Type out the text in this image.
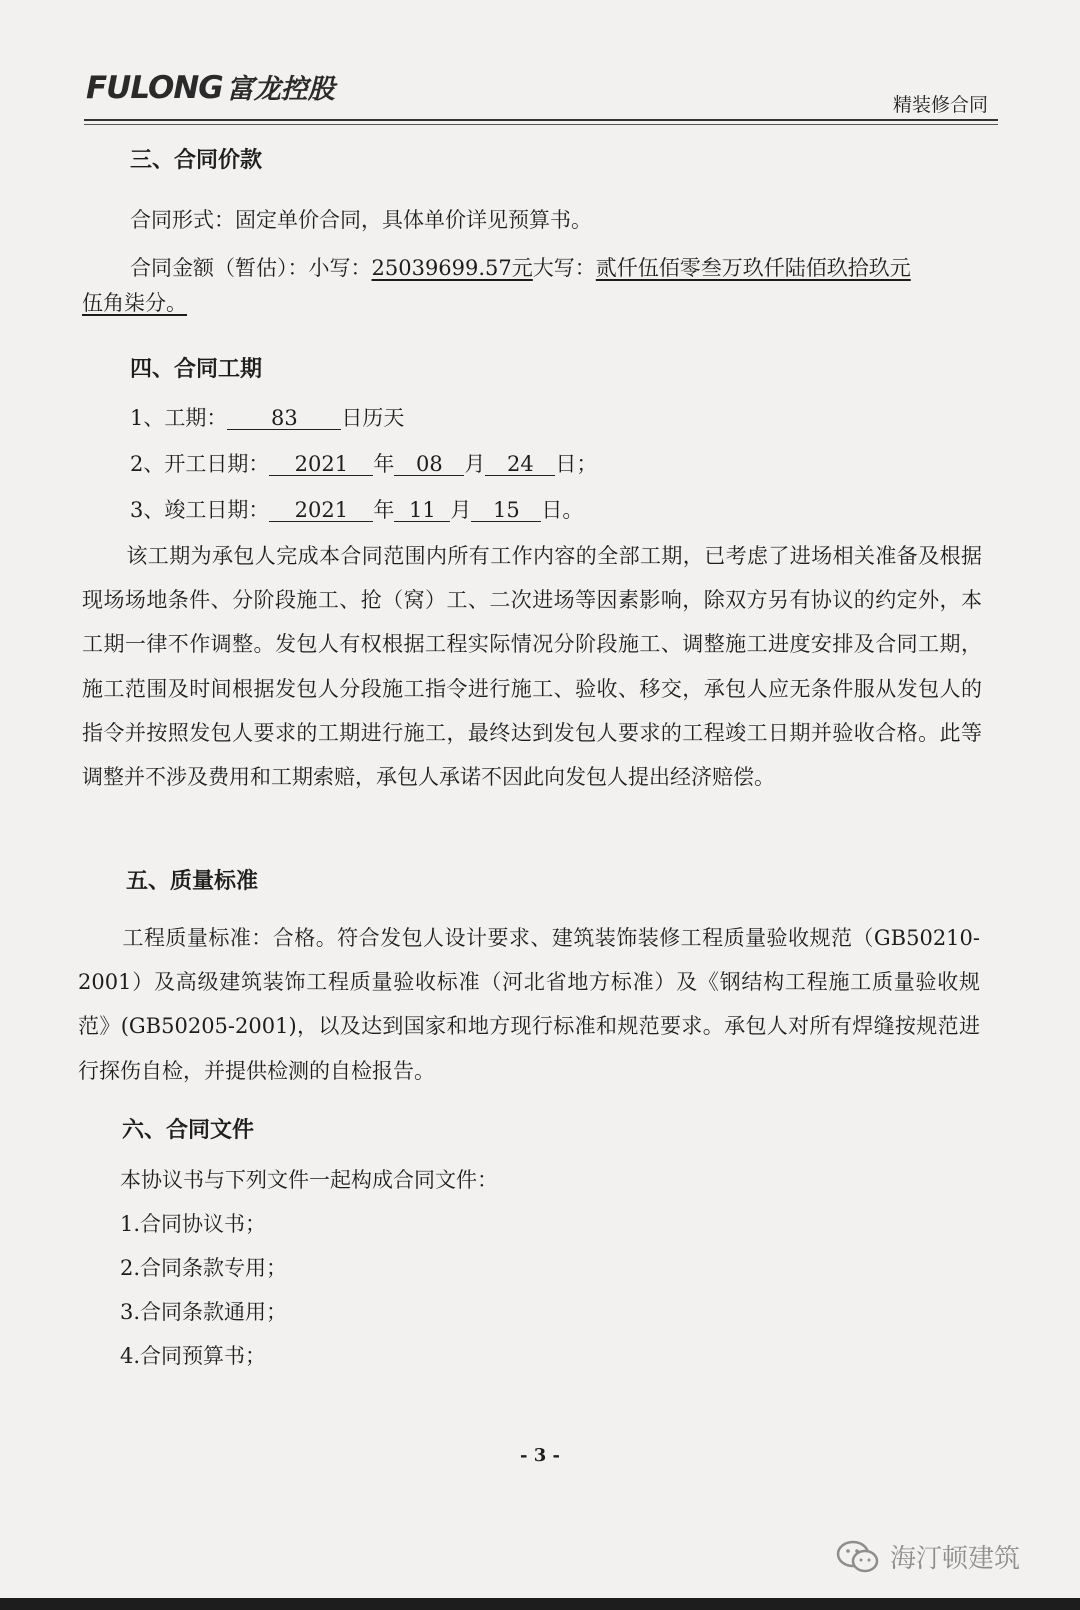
FULONG 富龙控股	精装修合同
三、合同价款
合同形式：固定单价合同，具体单价详见预算书。
合同金额（暂估）：小写：25039699.57元大写：贰仟伍佰零叁万玖仟陆佰玖拾玖元
伍角柒分。
四、合同工期
1、工期： 83 日历天
2、开工日期： 2021 年 08 月 24 日；
3、竣工日期： 2021 年 11 月 15 日。
该工期为承包人完成本合同范围内所有工作内容的全部工期，已考虑了进场相关准备及根据现场场地条件、分阶段施工、抢（窝）工、二次进场等因素影响，除双方另有协议的约定外，本工期一律不作调整。发包人有权根据工程实际情况分阶段施工、调整施工进度安排及合同工期，施工范围及时间根据发包人分段施工指令进行施工、验收、移交，承包人应无条件服从发包人的指令并按照发包人要求的工期进行施工，最终达到发包人要求的工程竣工日期并验收合格。此等调整并不涉及费用和工期索赔，承包人承诺不因此向发包人提出经济赔偿。
五、质量标准
工程质量标准：合格。符合发包人设计要求、建筑装饰装修工程质量验收规范（GB50210-2001）及高级建筑装饰工程质量验收标准（河北省地方标准）及《钢结构工程施工质量验收规范》(GB50205-2001)，以及达到国家和地方现行标准和规范要求。承包人对所有焊缝按规范进行探伤自检，并提供检测的自检报告。
六、合同文件
本协议书与下列文件一起构成合同文件：
1.合同协议书；
2.合同条款专用；
3.合同条款通用；
4.合同预算书；
- 3 -
海汀顿建筑
